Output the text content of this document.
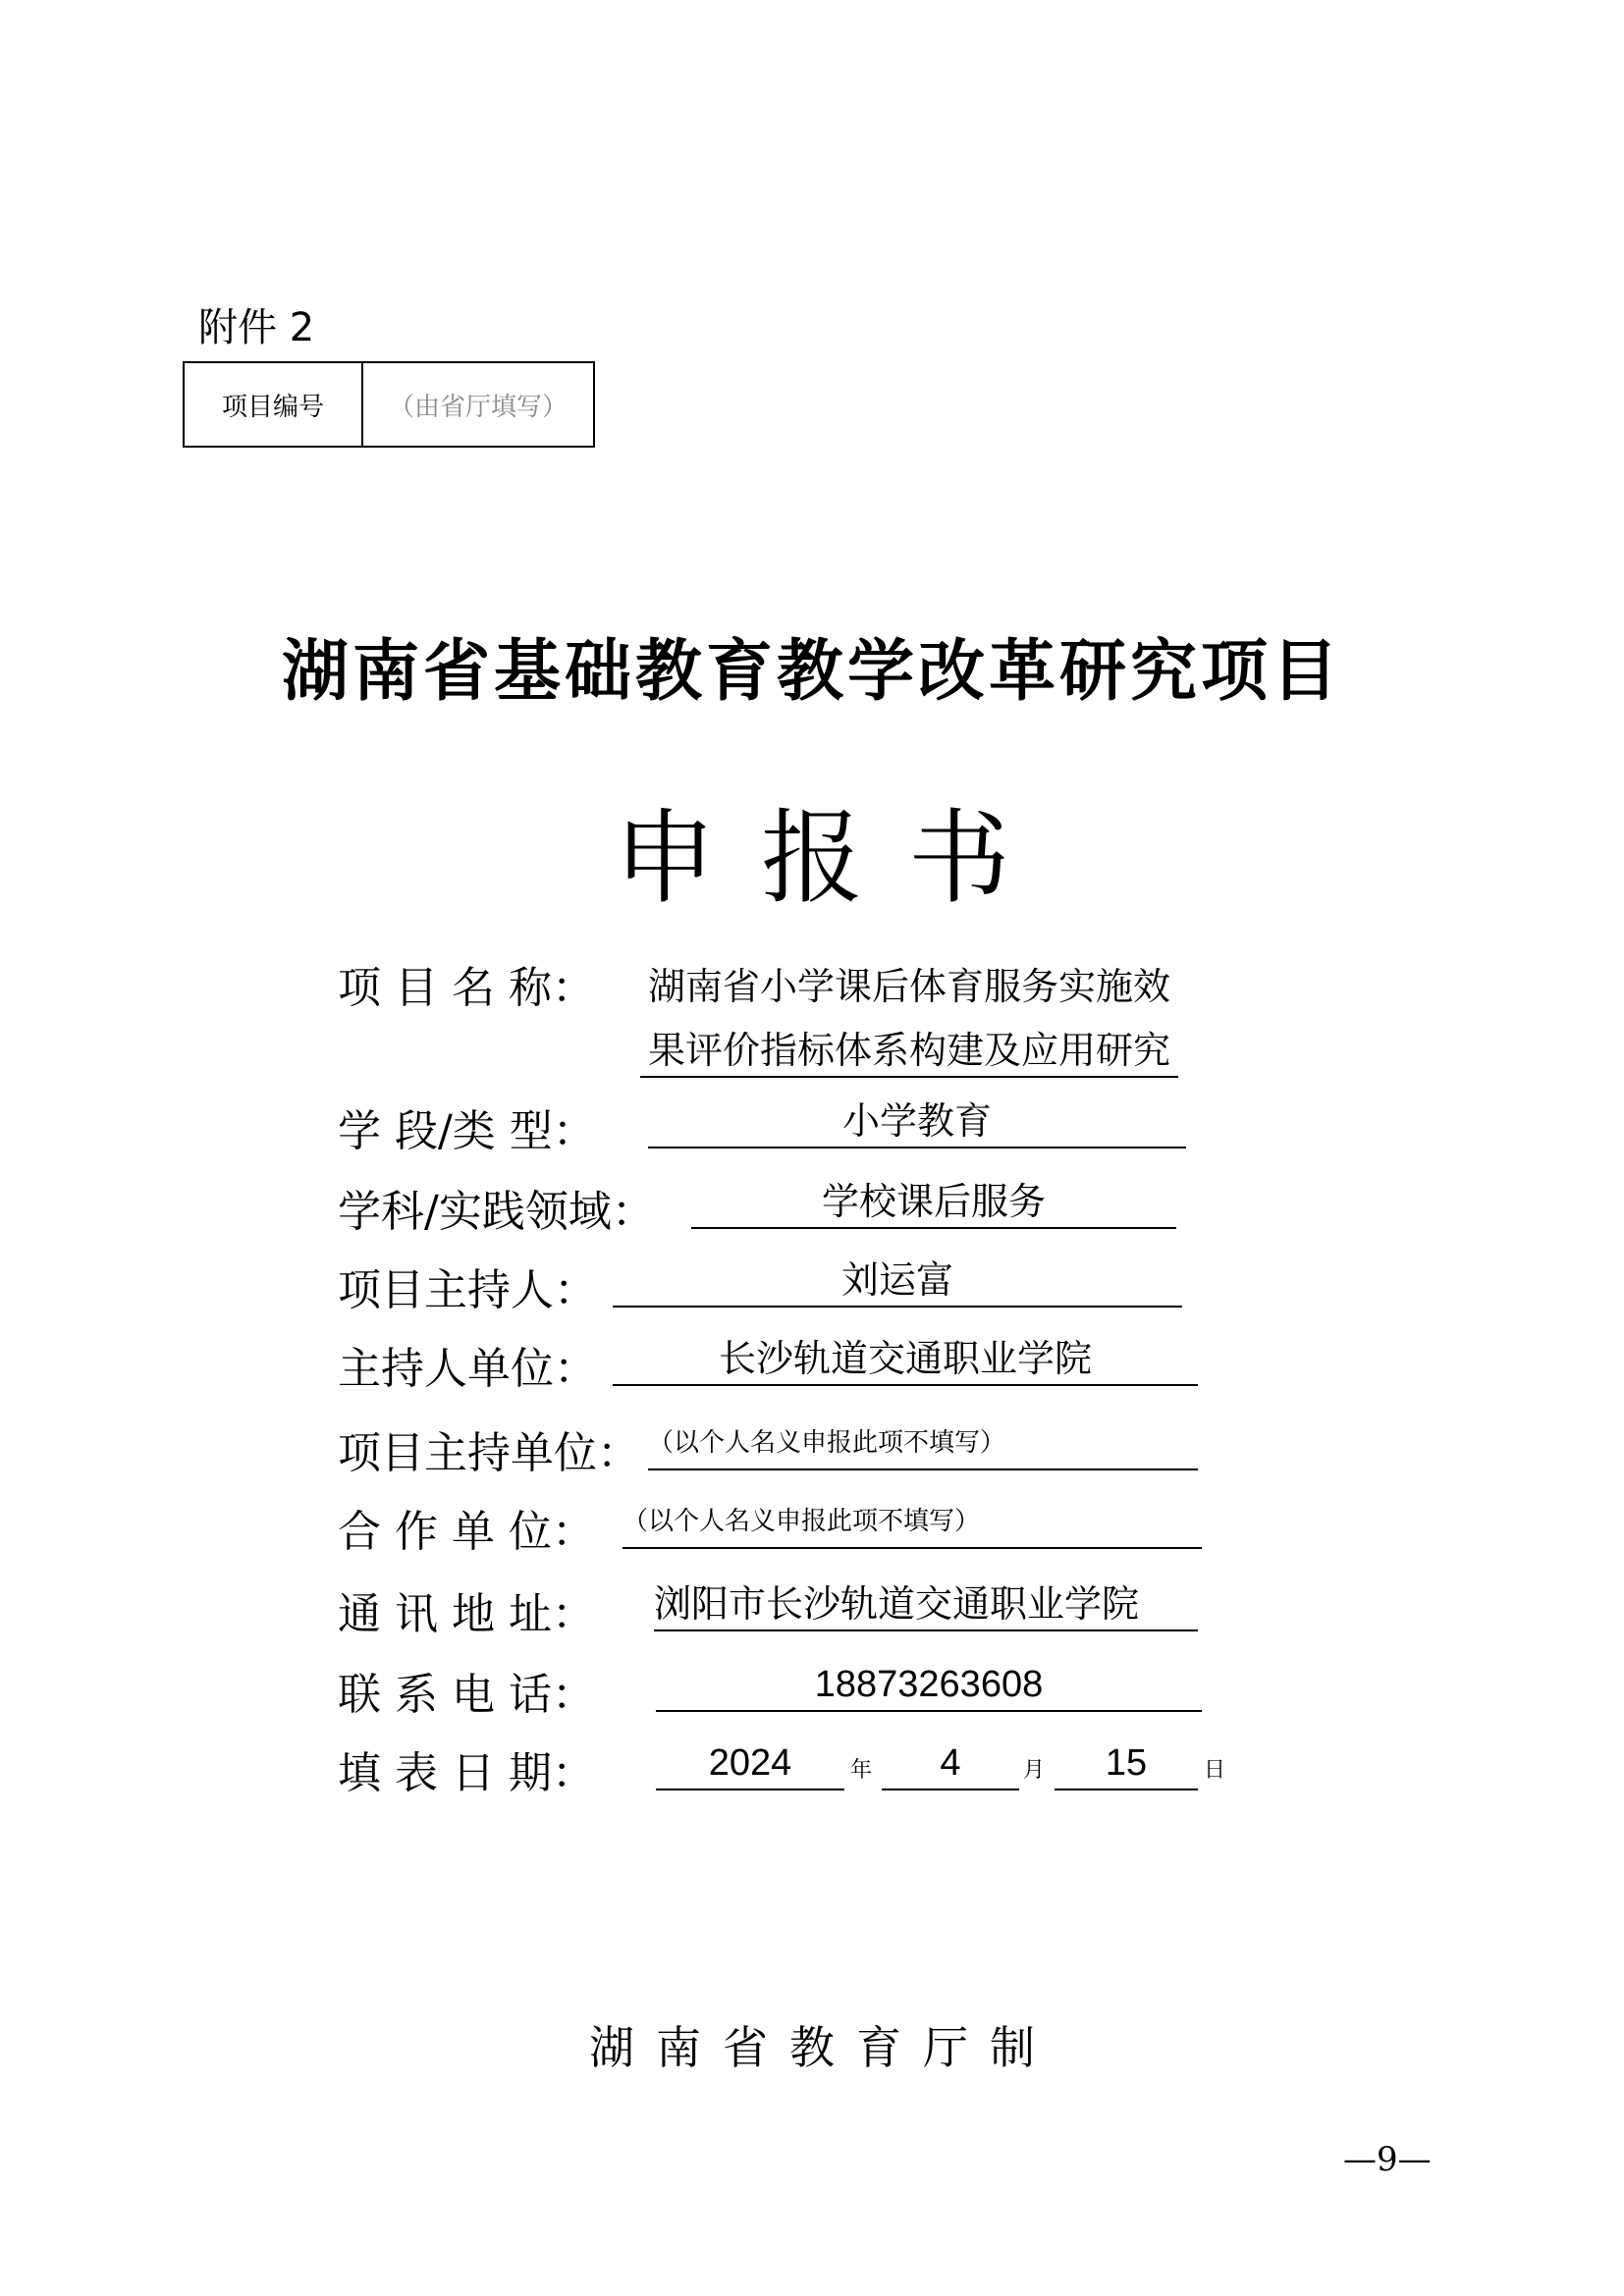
附件 2
项目编号	（由省厅填写）
湖南省基础教育教学改革研究项目
申报书
项 目 名 称： 湖南省小学课后体育服务实施效
果评价指标体系构建及应用研究
学 段/类 型：	小学教育
学科/实践领域：	学校课后服务
项目主持人：	刘运富
主持人单位：	长沙轨道交通职业学院
项目主持单位： （以个人名义申报此项不填写）
合 作 单 位： （以个人名义申报此项不填写）
通 讯 地 址： 浏阳市长沙轨道交通职业学院
联 系 电 话：	18873263608
填 表 日 期：	2024	年	4	月	15	日
湖南省教育厅制
—9—
